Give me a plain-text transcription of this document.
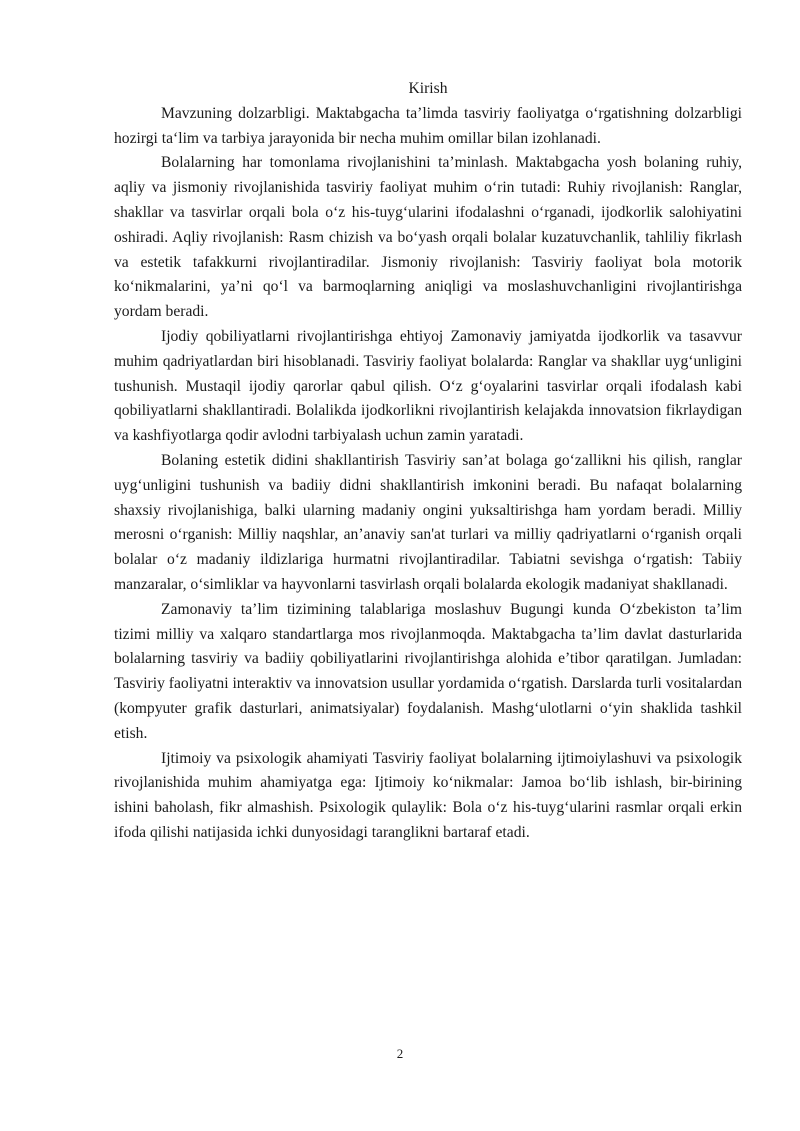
Kirish

Mavzuning dolzarbligi. Maktabgacha ta’limda tasviriy faoliyatga o‘rgatishning dolzarbligi hozirgi ta‘lim va tarbiya jarayonida bir necha muhim omillar bilan izohlanadi.

Bolalarning har tomonlama rivojlanishini ta’minlash. Maktabgacha yosh bolaning ruhiy, aqliy va jismoniy rivojlanishida tasviriy faoliyat muhim o‘rin tutadi: Ruhiy rivojlanish: Ranglar, shakllar va tasvirlar orqali bola o‘z his-tuyg‘ularini ifodalashni o‘rganadi, ijodkorlik salohiyatini oshiradi. Aqliy rivojlanish: Rasm chizish va bo‘yash orqali bolalar kuzatuvchanlik, tahliliy fikrlash va estetik tafakkurni rivojlantiradilar. Jismoniy rivojlanish: Tasviriy faoliyat bola motorik ko‘nikmalarini, ya’ni qo‘l va barmoqlarning aniqligi va moslashuvchanligini rivojlantirishga yordam beradi.

Ijodiy qobiliyatlarni rivojlantirishga ehtiyoj Zamonaviy jamiyatda ijodkorlik va tasavvur muhim qadriyatlardan biri hisoblanadi. Tasviriy faoliyat bolalarda: Ranglar va shakllar uyg‘unligini tushunish. Mustaqil ijodiy qarorlar qabul qilish. O‘z g‘oyalarini tasvirlar orqali ifodalash kabi qobiliyatlarni shakllantiradi. Bolalikda ijodkorlikni rivojlantirish kelajakda innovatsion fikrlaydigan va kashfiyotlarga qodir avlodni tarbiyalash uchun zamin yaratadi.

Bolaning estetik didini shakllantirish Tasviriy san’at bolaga go‘zallikni his qilish, ranglar uyg‘unligini tushunish va badiiy didni shakllantirish imkonini beradi. Bu nafaqat bolalarning shaxsiy rivojlanishiga, balki ularning madaniy ongini yuksaltirishga ham yordam beradi. Milliy merosni o‘rganish: Milliy naqshlar, an’anaviy san'at turlari va milliy qadriyatlarni o‘rganish orqali bolalar o‘z madaniy ildizlariga hurmatni rivojlantiradilar. Tabiatni sevishga o‘rgatish: Tabiiy manzaralar, o‘simliklar va hayvonlarni tasvirlash orqali bolalarda ekologik madaniyat shakllanadi.

Zamonaviy ta’lim tizimining talablariga moslashuv Bugungi kunda O‘zbekiston ta’lim tizimi milliy va xalqaro standartlarga mos rivojlanmoqda. Maktabgacha ta’lim davlat dasturlarida bolalarning tasviriy va badiiy qobiliyatlarini rivojlantirishga alohida e’tibor qaratilgan. Jumladan: Tasviriy faoliyatni interaktiv va innovatsion usullar yordamida o‘rgatish. Darslarda turli vositalardan (kompyuter grafik dasturlari, animatsiyalar) foydalanish. Mashg‘ulotlarni o‘yin shaklida tashkil etish.

Ijtimoiy va psixologik ahamiyati Tasviriy faoliyat bolalarning ijtimoiylashuvi va psixologik rivojlanishida muhim ahamiyatga ega: Ijtimoiy ko‘nikmalar: Jamoa bo‘lib ishlash, bir-birining ishini baholash, fikr almashish. Psixologik qulaylik: Bola o‘z his-tuyg‘ularini rasmlar orqali erkin ifoda qilishi natijasida ichki dunyosidagi taranglikni bartaraf etadi.

2
